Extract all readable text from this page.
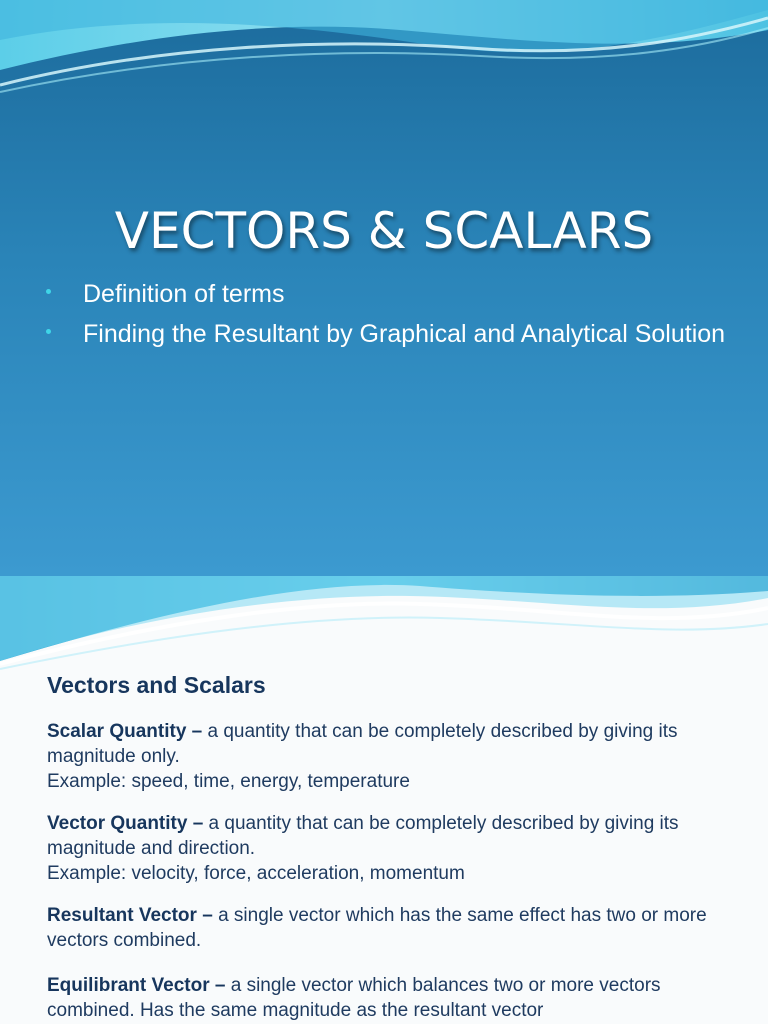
VECTORS & SCALARS
Definition of terms
Finding the Resultant by Graphical and Analytical Solution
Vectors and Scalars
Scalar Quantity – a quantity that can be completely described by giving its magnitude only.
Example: speed, time, energy, temperature
Vector Quantity – a quantity that can be completely described by giving its magnitude and direction.
Example: velocity, force, acceleration, momentum
Resultant Vector – a single vector which has the same effect has two or more vectors combined.
Equilibrant Vector – a single vector which balances two or more vectors combined. Has the same magnitude as the resultant vector
